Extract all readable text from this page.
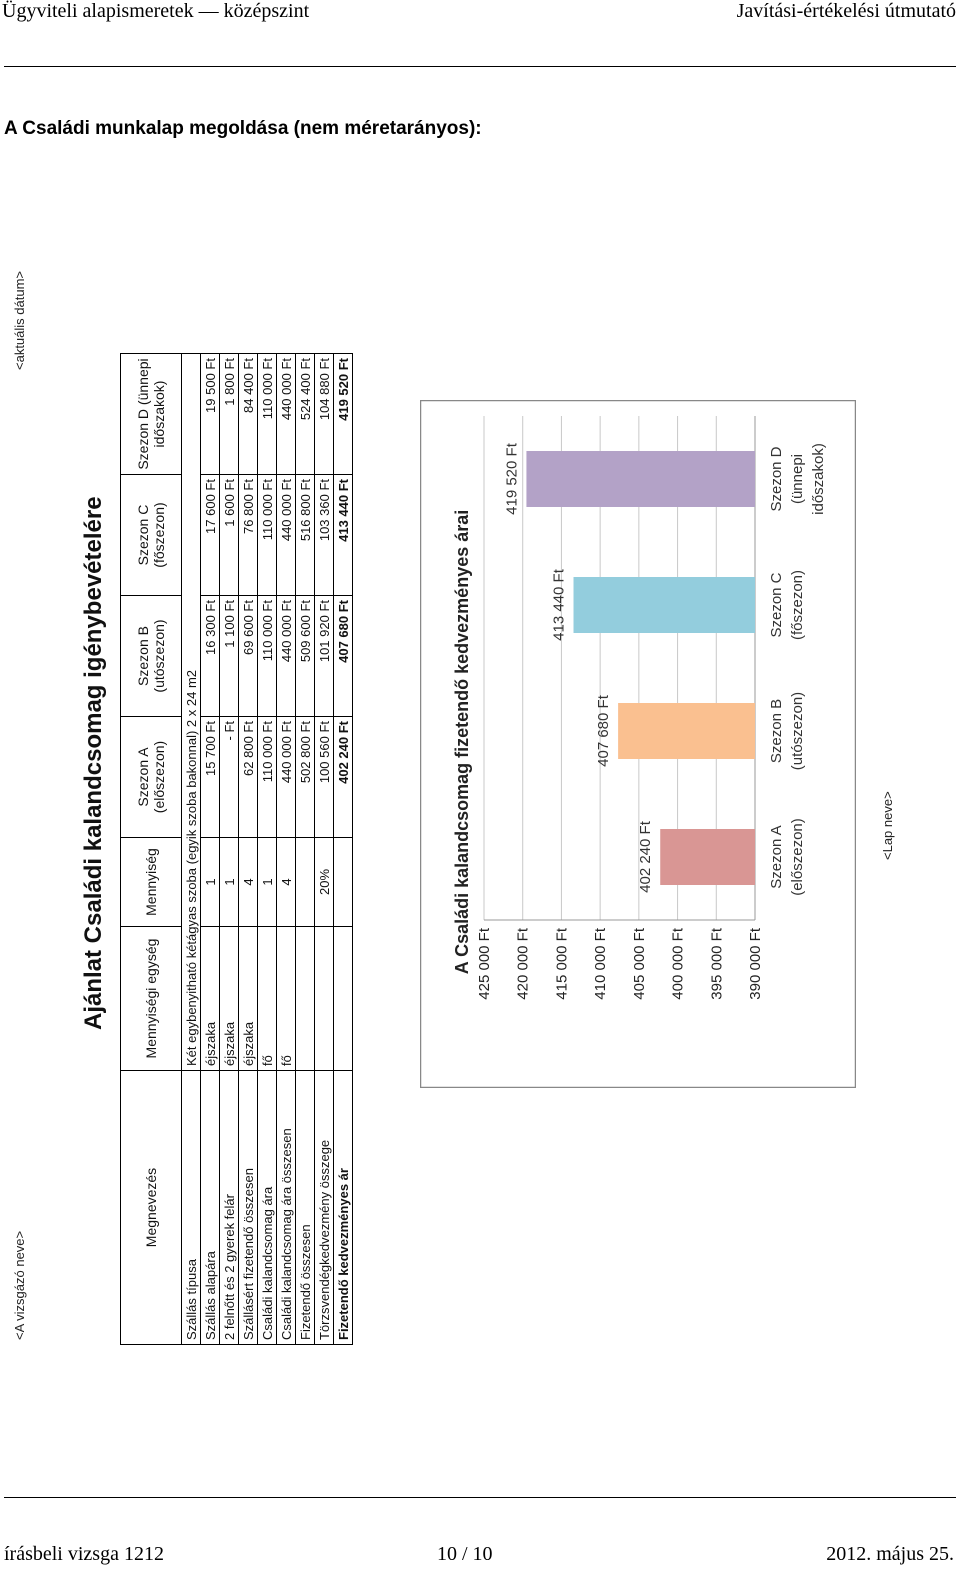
Ügyviteli alapismeretek — középszint	Javítási-értékelési útmutató
A Családi munkalap megoldása (nem méretarányos):
<A vizsgázó neve>
<aktuális dátum>
Ajánlat Családi kalandcsomag igénybevételére
Megnevezés	Mennyiségi egység	Mennyiség	Szezon A (előszezon)	Szezon B (utószezon)	Szezon C (főszezon)	Szezon D (ünnepi időszakok)
Szállás típusa	Két egybenyitható kétágyas szoba (egyik szoba bakonnal) 2 x 24 m2					
Szállás alapára	éjszaka	1	15 700 Ft	16 300 Ft	17 600 Ft	19 500 Ft
2 felnőtt és 2 gyerek felár	éjszaka	1	- Ft	1 100 Ft	1 600 Ft	1 800 Ft
Szállásért fizetendő összesen	éjszaka	4	62 800 Ft	69 600 Ft	76 800 Ft	84 400 Ft
Családi kalandcsomag ára	fő	1	110 000 Ft	110 000 Ft	110 000 Ft	110 000 Ft
Családi kalandcsomag ára összesen	fő	4	440 000 Ft	440 000 Ft	440 000 Ft	440 000 Ft
Fizetendő összesen			502 800 Ft	509 600 Ft	516 800 Ft	524 400 Ft
Törzsvendégkedvezmény összege		20%	100 560 Ft	101 920 Ft	103 360 Ft	104 880 Ft
Fizetendő kedvezményes ár			402 240 Ft	407 680 Ft	413 440 Ft	419 520 Ft
A Családi kalandcsomag fizetendő kedvezményes árai	390 000 Ft
395 000 Ft
400 000 Ft
405 000 Ft
410 000 Ft
415 000 Ft
420 000 Ft
425 000 Ft
402 240 Ft	Szezon A (előszezon)
407 680 Ft	Szezon B (utószezon)
413 440 Ft	Szezon C (főszezon)
419 520 Ft	Szezon D (ünnepi időszakok)
<Lap neve>
írásbeli vizsga 1212	10 / 10	2012. május 25.
